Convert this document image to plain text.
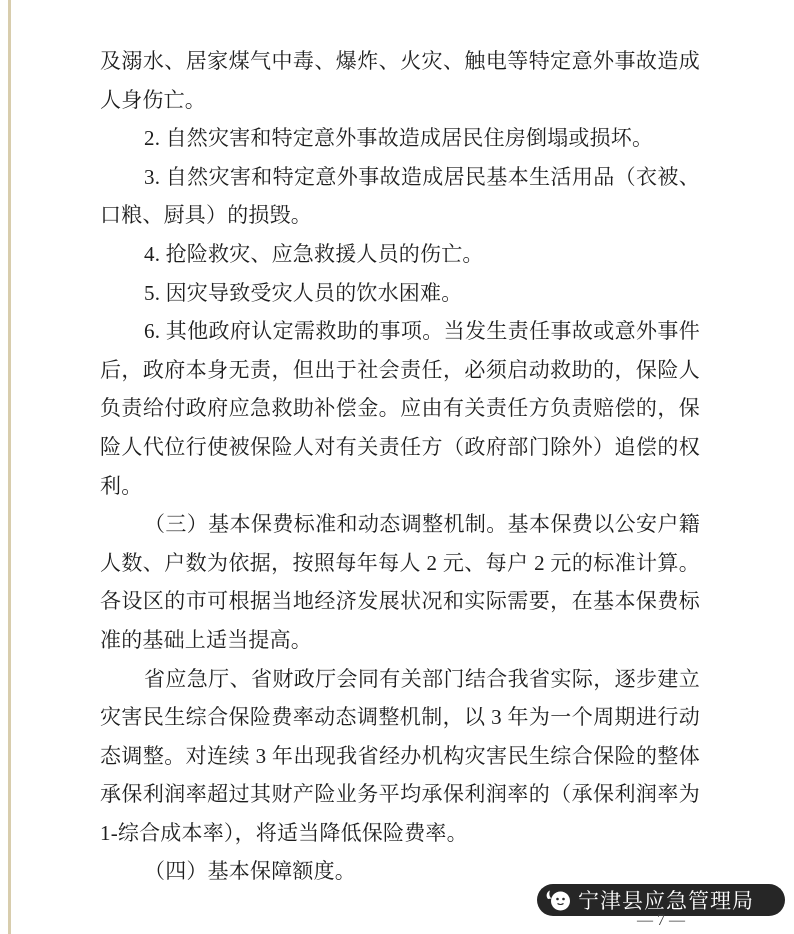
及溺水、居家煤气中毒、爆炸、火灾、触电等特定意外事故造成
人身伤亡。
2. 自然灾害和特定意外事故造成居民住房倒塌或损坏。
3. 自然灾害和特定意外事故造成居民基本生活用品（衣被、
口粮、厨具）的损毁。
4. 抢险救灾、应急救援人员的伤亡。
5. 因灾导致受灾人员的饮水困难。
6. 其他政府认定需救助的事项。当发生责任事故或意外事件
后，政府本身无责，但出于社会责任，必须启动救助的，保险人
负责给付政府应急救助补偿金。应由有关责任方负责赔偿的，保
险人代位行使被保险人对有关责任方（政府部门除外）追偿的权
利。
（三）基本保费标准和动态调整机制。基本保费以公安户籍
人数、户数为依据，按照每年每人 2 元、每户 2 元的标准计算。
各设区的市可根据当地经济发展状况和实际需要，在基本保费标
准的基础上适当提高。
省应急厅、省财政厅会同有关部门结合我省实际，逐步建立
灾害民生综合保险费率动态调整机制，以 3 年为一个周期进行动
态调整。对连续 3 年出现我省经办机构灾害民生综合保险的整体
承保利润率超过其财产险业务平均承保利润率的（承保利润率为
1-综合成本率），将适当降低保险费率。
（四）基本保障额度。
宁津县应急管理局
— 7 —
